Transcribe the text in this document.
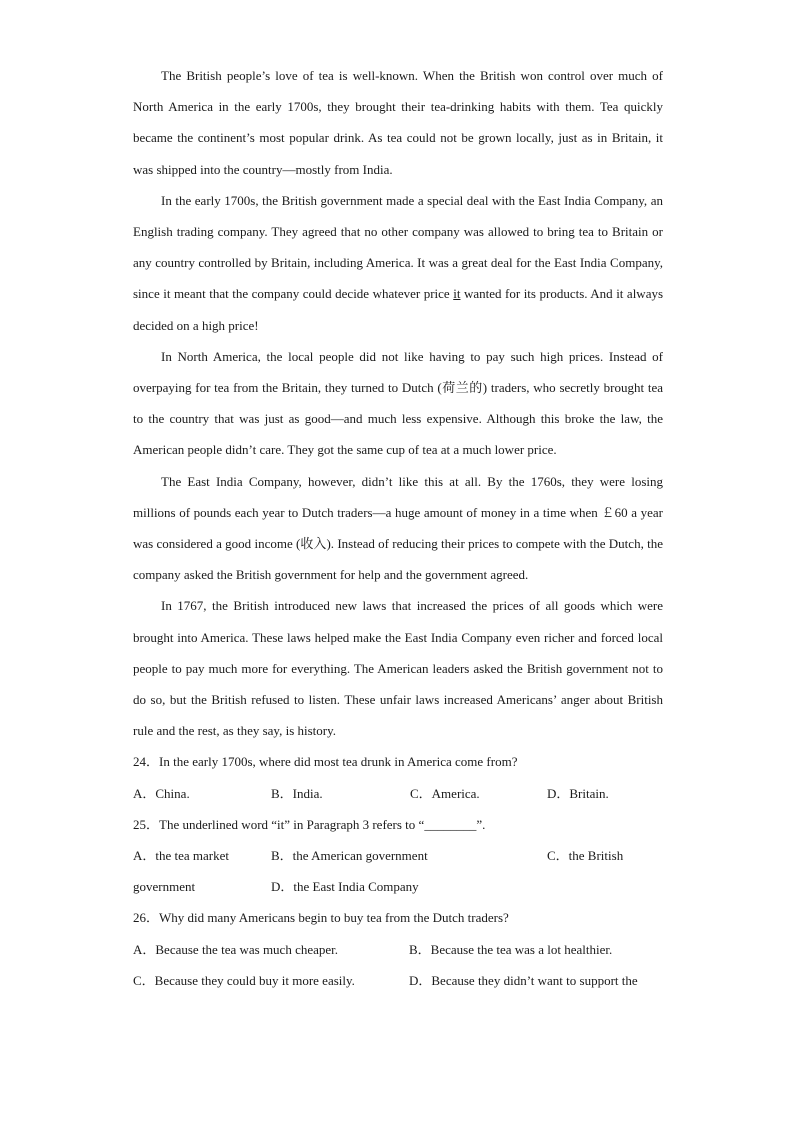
The British people’s love of tea is well-known. When the British won control over much of North America in the early 1700s, they brought their tea-drinking habits with them. Tea quickly became the continent’s most popular drink. As tea could not be grown locally, just as in Britain, it was shipped into the country—mostly from India.

In the early 1700s, the British government made a special deal with the East India Company, an English trading company. They agreed that no other company was allowed to bring tea to Britain or any country controlled by Britain, including America. It was a great deal for the East India Company, since it meant that the company could decide whatever price it wanted for its products. And it always decided on a high price!

In North America, the local people did not like having to pay such high prices. Instead of overpaying for tea from the Britain, they turned to Dutch (荷兰的) traders, who secretly brought tea to the country that was just as good—and much less expensive. Although this broke the law, the American people didn’t care. They got the same cup of tea at a much lower price.

The East India Company, however, didn’t like this at all. By the 1760s, they were losing millions of pounds each year to Dutch traders—a huge amount of money in a time when ￡60 a year was considered a good income (收入). Instead of reducing their prices to compete with the Dutch, the company asked the British government for help and the government agreed.

In 1767, the British introduced new laws that increased the prices of all goods which were brought into America. These laws helped make the East India Company even richer and forced local people to pay much more for everything. The American leaders asked the British government not to do so, but the British refused to listen. These unfair laws increased Americans’ anger about British rule and the rest, as they say, is history.

24．In the early 1700s, where did most tea drunk in America come from?

A．China.	B．India.	C．America.	D．Britain.

25．The underlined word “it” in Paragraph 3 refers to “________”.

A．the tea market	B．the American government	C．the British
government	D．the East India Company

26．Why did many Americans begin to buy tea from the Dutch traders?

A．Because the tea was much cheaper.	B．Because the tea was a lot healthier.
C．Because they could buy it more easily.	D．Because they didn’t want to support the
